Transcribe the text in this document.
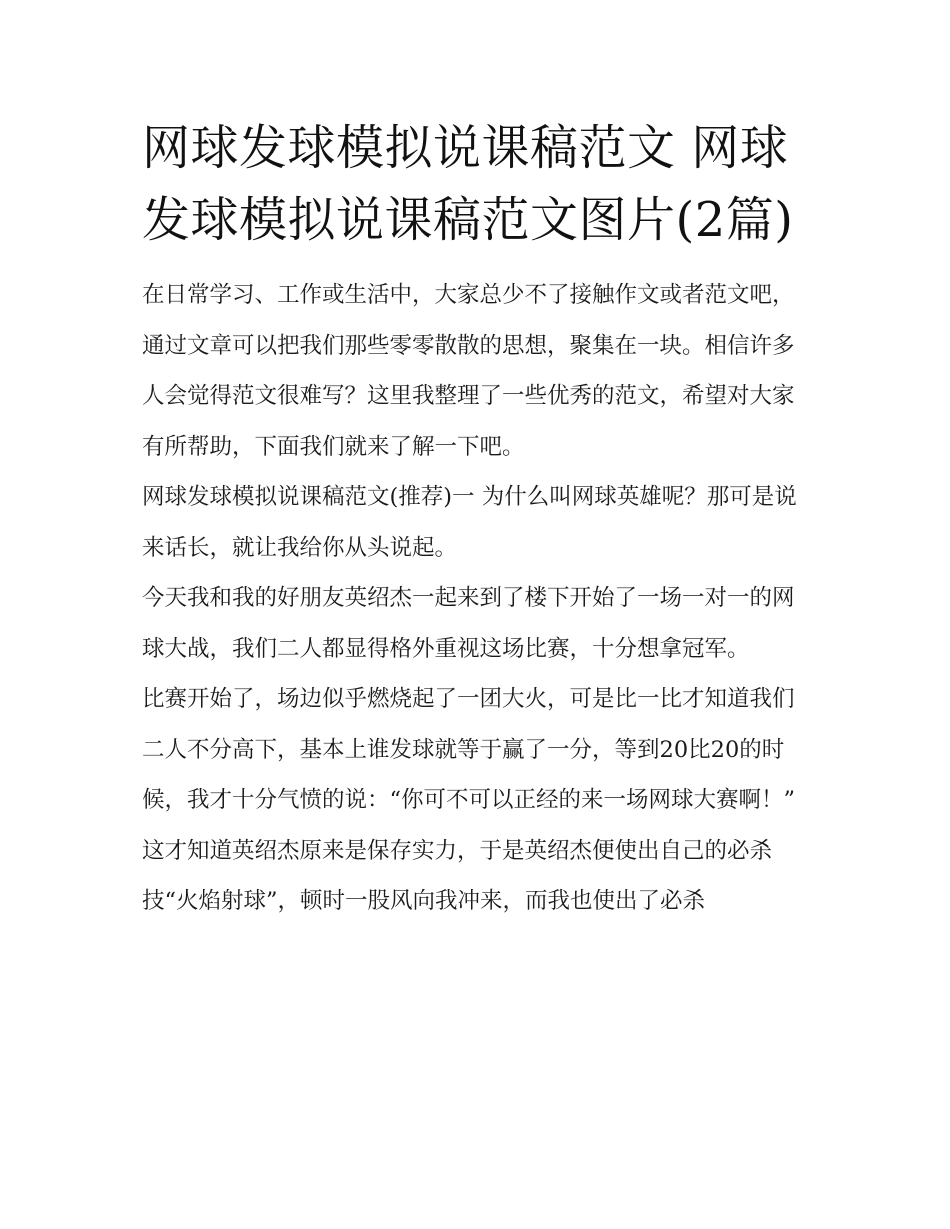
网球发球模拟说课稿范文 网球发球模拟说课稿范文图片(2篇)

在日常学习、工作或生活中，大家总少不了接触作文或者范文吧，通过文章可以把我们那些零零散散的思想，聚集在一块。相信许多人会觉得范文很难写？这里我整理了一些优秀的范文，希望对大家有所帮助，下面我们就来了解一下吧。

网球发球模拟说课稿范文(推荐)一 为什么叫网球英雄呢？那可是说来话长，就让我给你从头说起。

今天我和我的好朋友英绍杰一起来到了楼下开始了一场一对一的网球大战，我们二人都显得格外重视这场比赛，十分想拿冠军。

比赛开始了，场边似乎燃烧起了一团大火，可是比一比才知道我们二人不分高下，基本上谁发球就等于赢了一分，等到20比20的时候，我才十分气愤的说：“你可不可以正经的来一场网球大赛啊！”

这才知道英绍杰原来是保存实力，于是英绍杰便使出自己的必杀技“火焰射球”，顿时一股风向我冲来，而我也使出了必杀
